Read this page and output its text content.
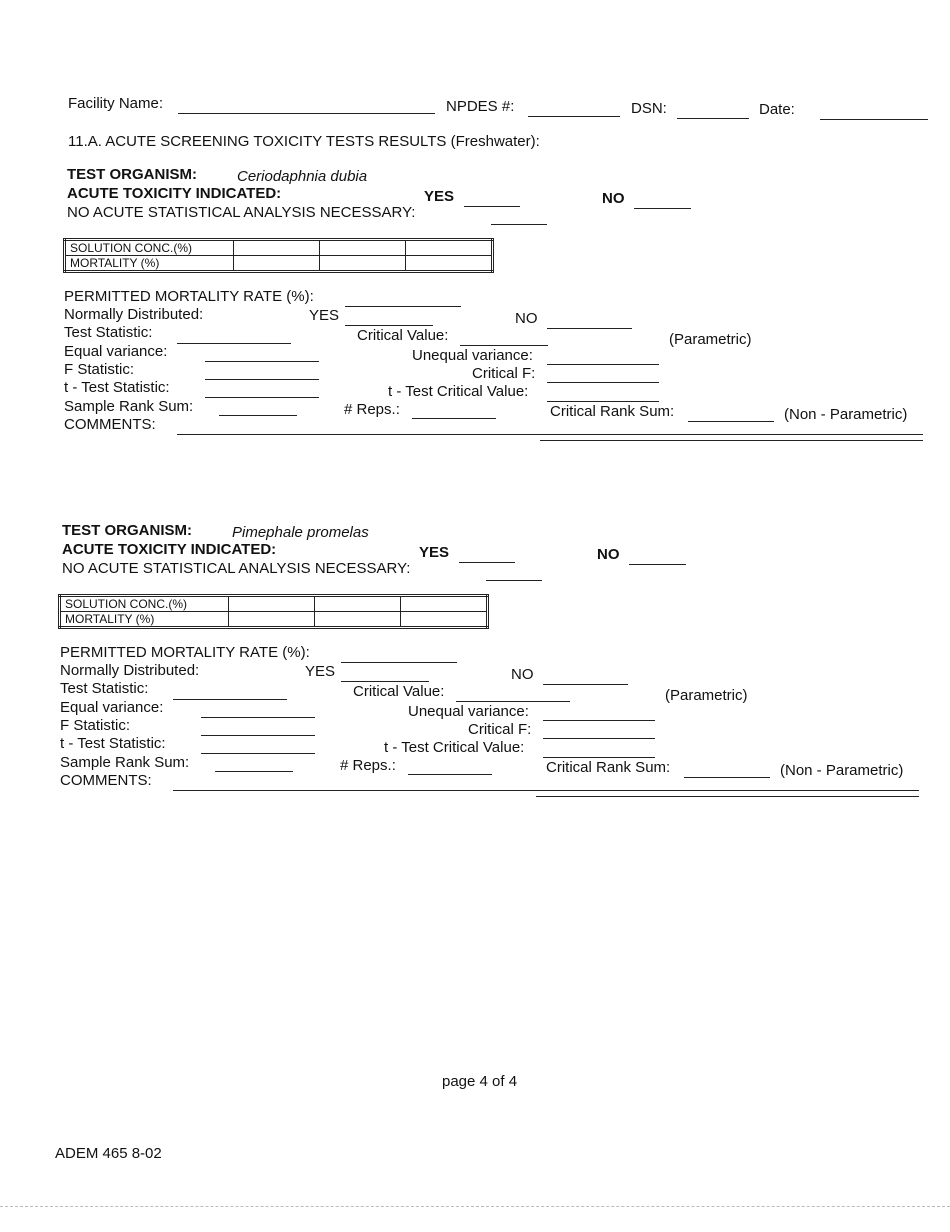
Facility Name:	NPDES #:	DSN:	Date:
11.A. ACUTE SCREENING TOXICITY TESTS RESULTS (Freshwater):
TEST ORGANISM:	Ceriodaphnia dubia
ACUTE TOXICITY INDICATED:	YES	NO
NO ACUTE STATISTICAL ANALYSIS NECESSARY:
SOLUTION CONC.(%)			
MORTALITY (%)			
PERMITTED MORTALITY RATE (%):
Normally Distributed:	YES	NO
Test Statistic:	Critical Value:	(Parametric)
Equal variance:	Unequal variance:
F Statistic:	Critical F:
t - Test Statistic:	t - Test Critical Value:
Sample Rank Sum:	# Reps.:	Critical Rank Sum:	(Non - Parametric)
COMMENTS:
TEST ORGANISM:	Pimephale promelas
ACUTE TOXICITY INDICATED:	YES	NO
NO ACUTE STATISTICAL ANALYSIS NECESSARY:
SOLUTION CONC.(%)			
MORTALITY (%)			
PERMITTED MORTALITY RATE (%):
Normally Distributed:	YES	NO
Test Statistic:	Critical Value:	(Parametric)
Equal variance:	Unequal variance:
F Statistic:	Critical F:
t - Test Statistic:	t - Test Critical Value:
Sample Rank Sum:	# Reps.:	Critical Rank Sum:	(Non - Parametric)
COMMENTS:
page 4 of 4
ADEM 465 8-02
